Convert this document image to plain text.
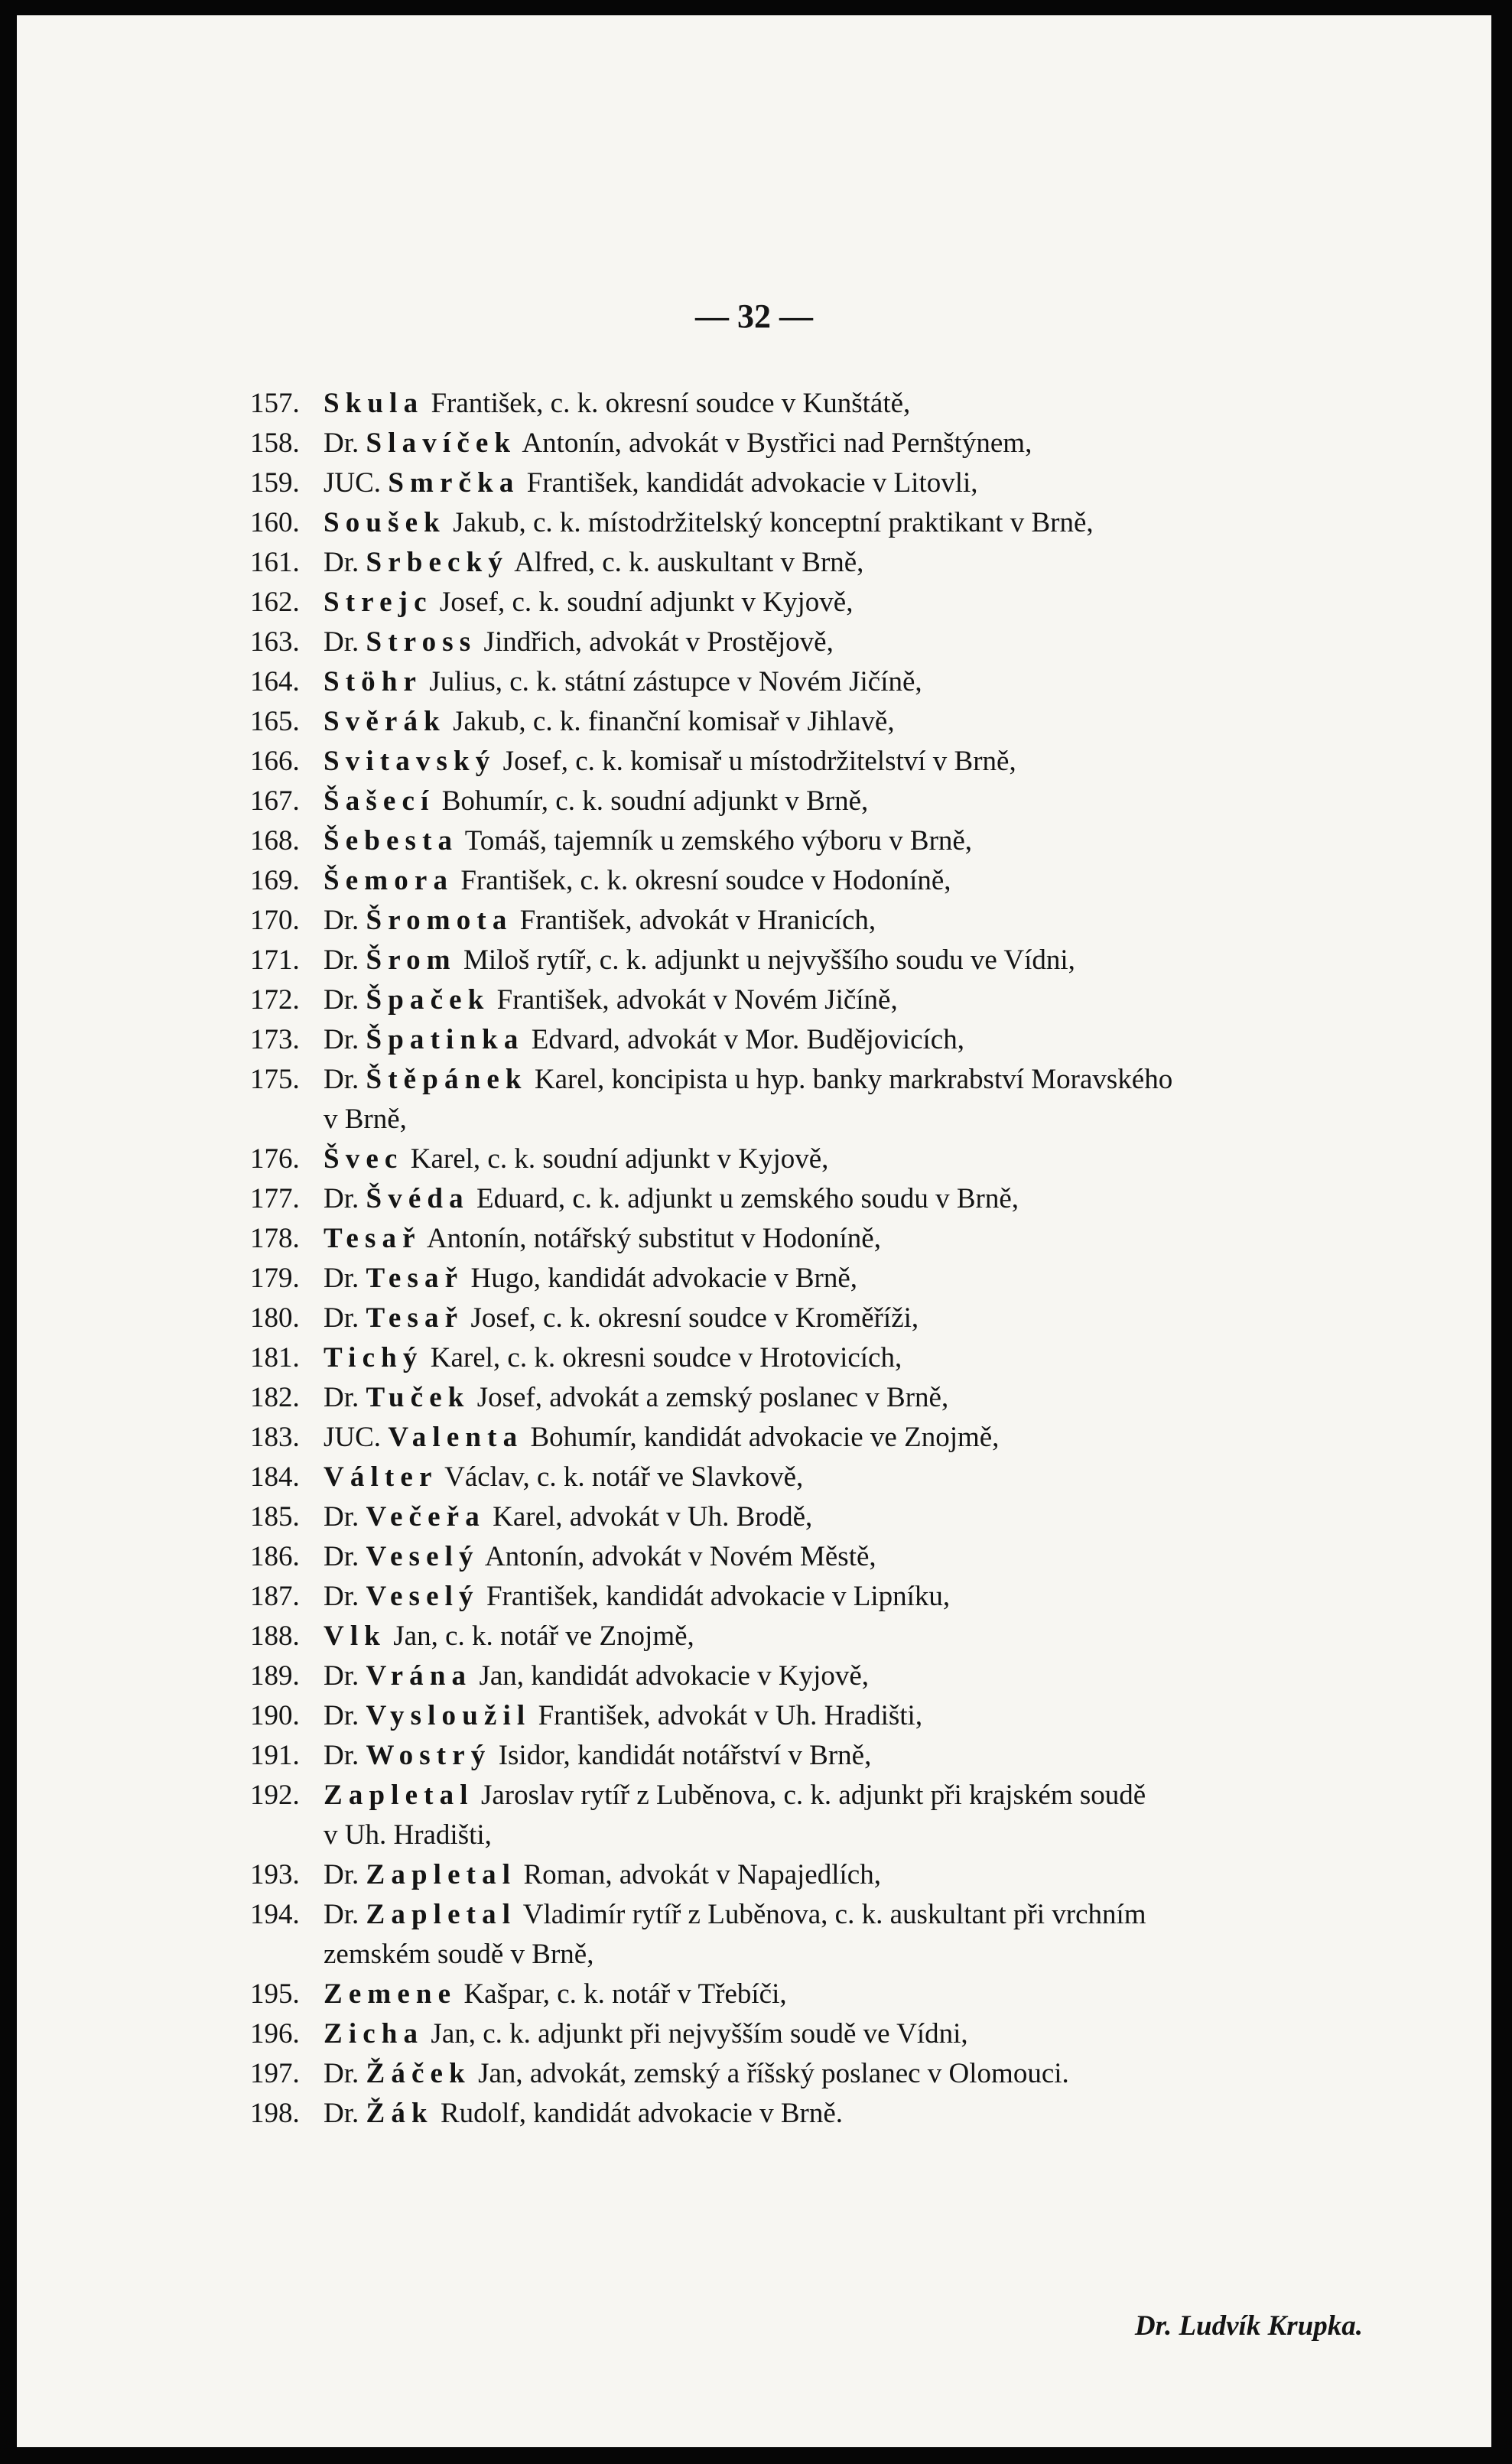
— 32 —
157. Skula František, c. k. okresní soudce v Kunštátě,
158. Dr. Slavíček Antonín, advokát v Bystřici nad Pernštýnem,
159. JUC. Smrčka František, kandidát advokacie v Litovli,
160. Soušek Jakub, c. k. místodržitelský konceptní praktikant v Brně,
161. Dr. Srbecký Alfred, c. k. auskultant v Brně,
162. Strejc Josef, c. k. soudní adjunkt v Kyjově,
163. Dr. Stross Jindřich, advokát v Prostějově,
164. Stöhr Julius, c. k. státní zástupce v Novém Jičíně,
165. Svěrák Jakub, c. k. finanční komisař v Jihlavě,
166. Svitavský Josef, c. k. komisař u místodržitelství v Brně,
167. Šašecí Bohumír, c. k. soudní adjunkt v Brně,
168. Šebesta Tomáš, tajemník u zemského výboru v Brně,
169. Šemora František, c. k. okresní soudce v Hodoníně,
170. Dr. Šromota František, advokát v Hranicích,
171. Dr. Šrom Miloš rytíř, c. k. adjunkt u nejvyššího soudu ve Vídni,
172. Dr. Špaček František, advokát v Novém Jičíně,
173. Dr. Špatinka Edvard, advokát v Mor. Budějovicích,
175. Dr. Štěpánek Karel, koncipista u hyp. banky markrabství Moravského
v Brně,
176. Švec Karel, c. k. soudní adjunkt v Kyjově,
177. Dr. Švéda Eduard, c. k. adjunkt u zemského soudu v Brně,
178. Tesař Antonín, notářský substitut v Hodoníně,
179. Dr. Tesař Hugo, kandidát advokacie v Brně,
180. Dr. Tesař Josef, c. k. okresní soudce v Kroměříži,
181. Tichý Karel, c. k. okresni soudce v Hrotovicích,
182. Dr. Tuček Josef, advokát a zemský poslanec v Brně,
183. JUC. Valenta Bohumír, kandidát advokacie ve Znojmě,
184. Válter Václav, c. k. notář ve Slavkově,
185. Dr. Večeřa Karel, advokát v Uh. Brodě,
186. Dr. Veselý Antonín, advokát v Novém Městě,
187. Dr. Veselý František, kandidát advokacie v Lipníku,
188. Vlk Jan, c. k. notář ve Znojmě,
189. Dr. Vrána Jan, kandidát advokacie v Kyjově,
190. Dr. Vysloužil František, advokát v Uh. Hradišti,
191. Dr. Wostrý Isidor, kandidát notářství v Brně,
192. Zapletal Jaroslav rytíř z Luběnova, c. k. adjunkt při krajském soudě
v Uh. Hradišti,
193. Dr. Zapletal Roman, advokát v Napajedlích,
194. Dr. Zapletal Vladimír rytíř z Luběnova, c. k. auskultant při vrchním
zemském soudě v Brně,
195. Zemene Kašpar, c. k. notář v Třebíči,
196. Zicha Jan, c. k. adjunkt při nejvyšším soudě ve Vídni,
197. Dr. Žáček Jan, advokát, zemský a říšský poslanec v Olomouci.
198. Dr. Žák Rudolf, kandidát advokacie v Brně.
Dr. Ludvík Krupka.
